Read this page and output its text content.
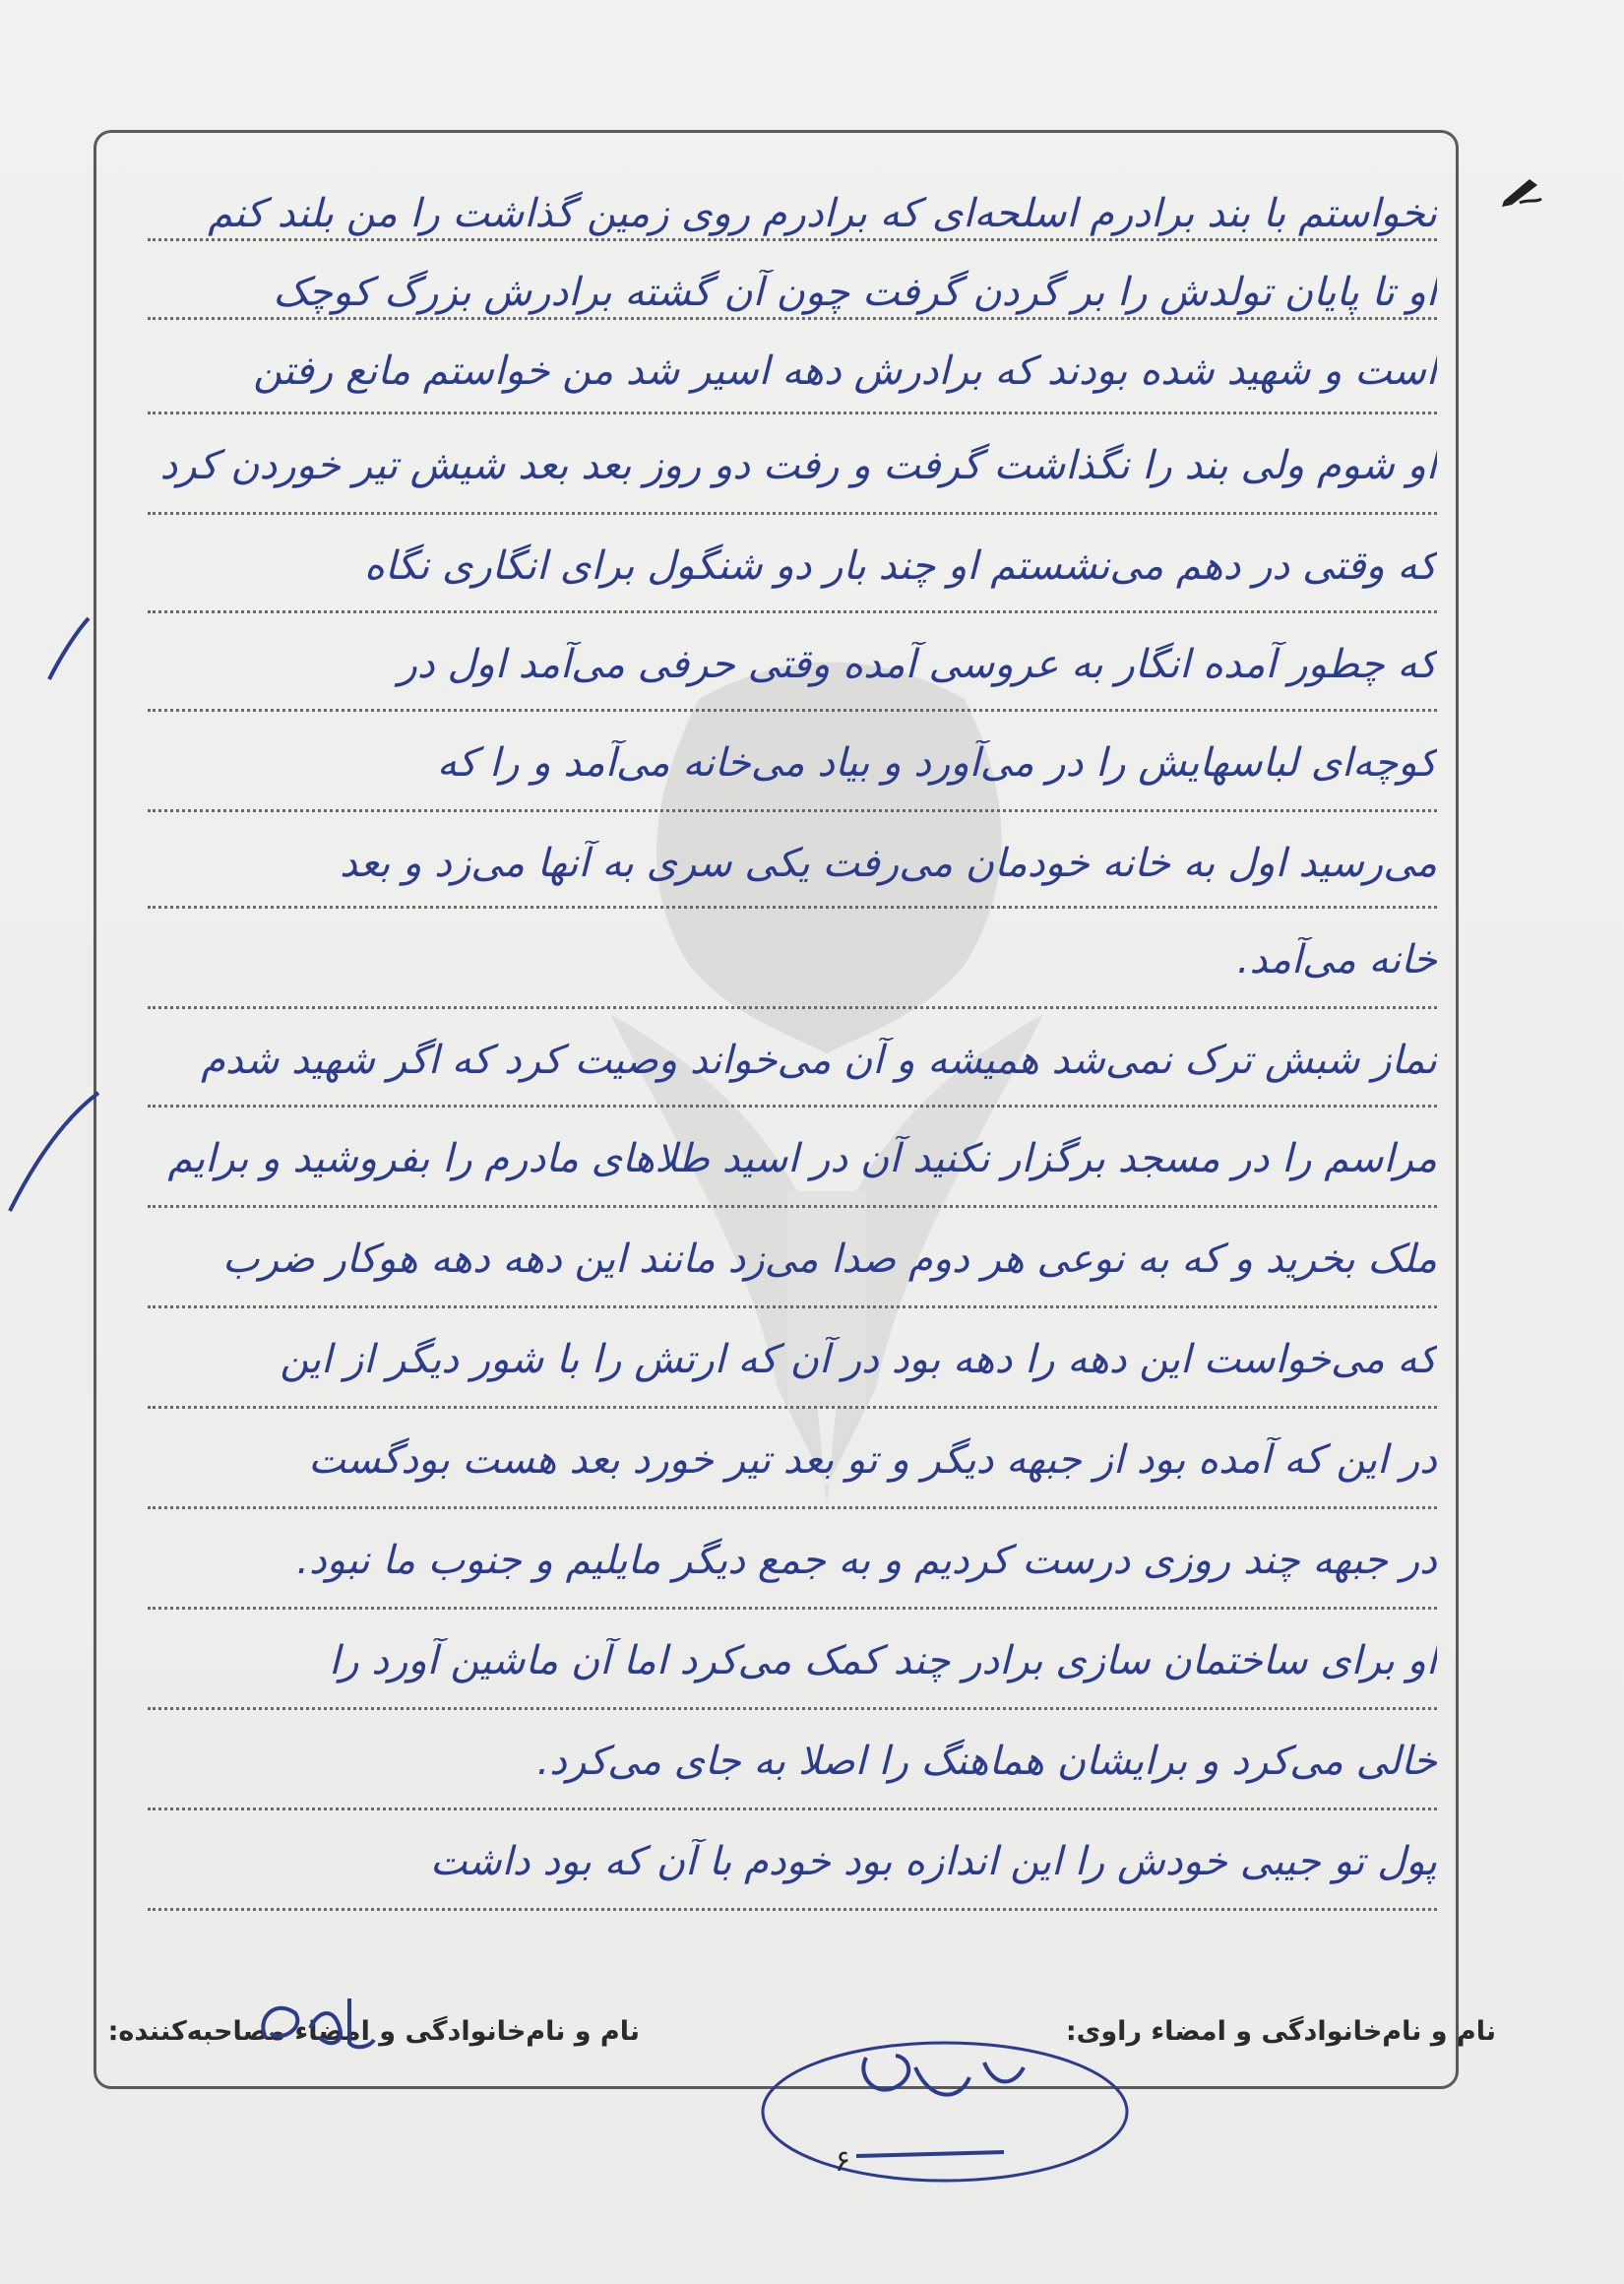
نخواستم با بند برادرم اسلحه‌ای که برادرم روی زمین گذاشت را من بلند کنم
او تا پایان تولدش را بر گردن گرفت چون آن گشته برادرش بزرگ کوچک
است و شهید شده بودند که برادرش دهه اسیر شد من خواستم مانع رفتن
او شوم ولی بند را نگذاشت گرفت و رفت دو روز بعد بعد شیش تیر خوردن کرد
که وقتی در دهم می‌نشستم او چند بار دو شنگول برای انگاری نگاه
که چطور آمده انگار به عروسی آمده وقتی حرفی می‌آمد اول در
کوچه‌ای لباسهایش را در می‌آورد و بیاد می‌خانه می‌آمد و را که
می‌رسید اول به خانه خودمان می‌رفت یکی سری به آنها می‌زد و بعد
خانه می‌آمد.
نماز شبش ترک نمی‌شد همیشه و آن می‌خواند وصیت کرد که اگر شهید شدم
مراسم را در مسجد برگزار نکنید آن در اسید طلاهای مادرم را بفروشید و برایم
ملک بخرید و که به نوعی هر دوم صدا می‌زد مانند این دهه دهه هوکار ضرب
که می‌خواست این دهه را دهه بود در آن که ارتش را با شور دیگر از این
در این که آمده بود از جبهه دیگر و تو بعد تیر خورد بعد هست بودگست
در جبهه چند روزی درست کردیم و به جمع دیگر مایلیم و جنوب ما نبود.
او برای ساختمان سازی برادر چند کمک می‌کرد اما آن ماشین آورد را
خالی می‌کرد و برایشان هماهنگ را اصلا به جای می‌کرد.
پول تو جیبی خودش را این اندازه بود خودم با آن که بود داشت
نام و نام‌خانوادگی و امضاء مصاحبه‌کننده:	نام و نام‌خانوادگی و امضاء راوی:
۶
